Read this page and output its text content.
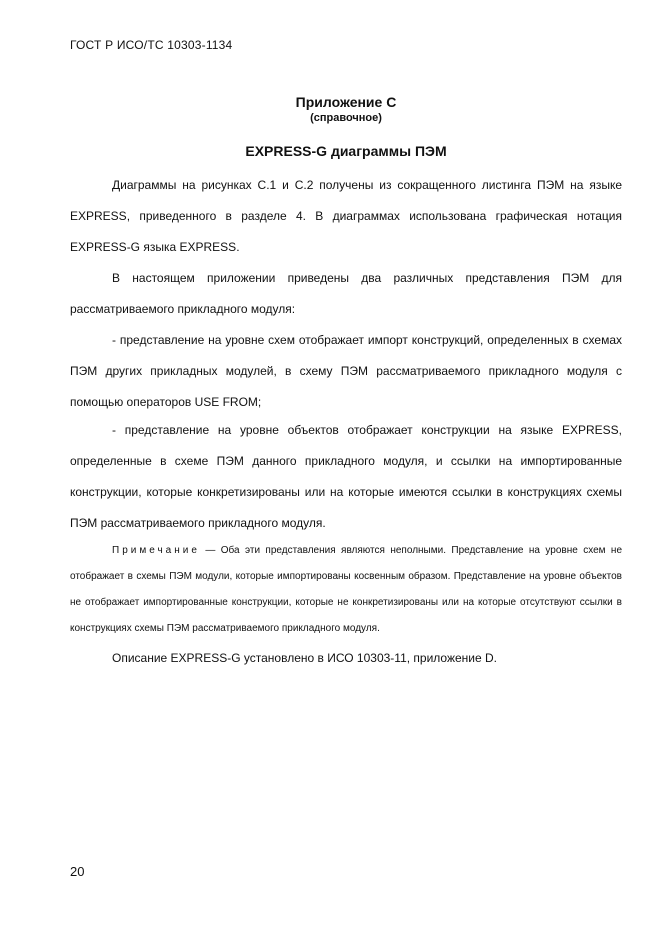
ГОСТ Р ИСО/ТС 10303-1134
Приложение С
(справочное)
EXPRESS-G диаграммы ПЭМ

Диаграммы на рисунках С.1 и С.2 получены из сокращенного листинга ПЭМ на языке EXPRESS, приведенного в разделе 4. В диаграммах использована графическая нотация EXPRESS-G языка EXPRESS.

В настоящем приложении приведены два различных представления ПЭМ для рассматриваемого прикладного модуля:

- представление на уровне схем отображает импорт конструкций, определенных в схемах ПЭМ других прикладных модулей, в схему ПЭМ рассматриваемого прикладного модуля с помощью операторов USE FROM;

- представление на уровне объектов отображает конструкции на языке EXPRESS, определенные в схеме ПЭМ данного прикладного модуля, и ссылки на импортированные конструкции, которые конкретизированы или на которые имеются ссылки в конструкциях схемы ПЭМ рассматриваемого прикладного модуля.

Примечание — Оба эти представления являются неполными. Представление на уровне схем не отображает в схемы ПЭМ модули, которые импортированы косвенным образом. Представление на уровне объектов не отображает импортированные конструкции, которые не конкретизированы или на которые отсутствуют ссылки в конструкциях схемы ПЭМ рассматриваемого прикладного модуля.

Описание EXPRESS-G установлено в ИСО 10303-11, приложение D.

20
